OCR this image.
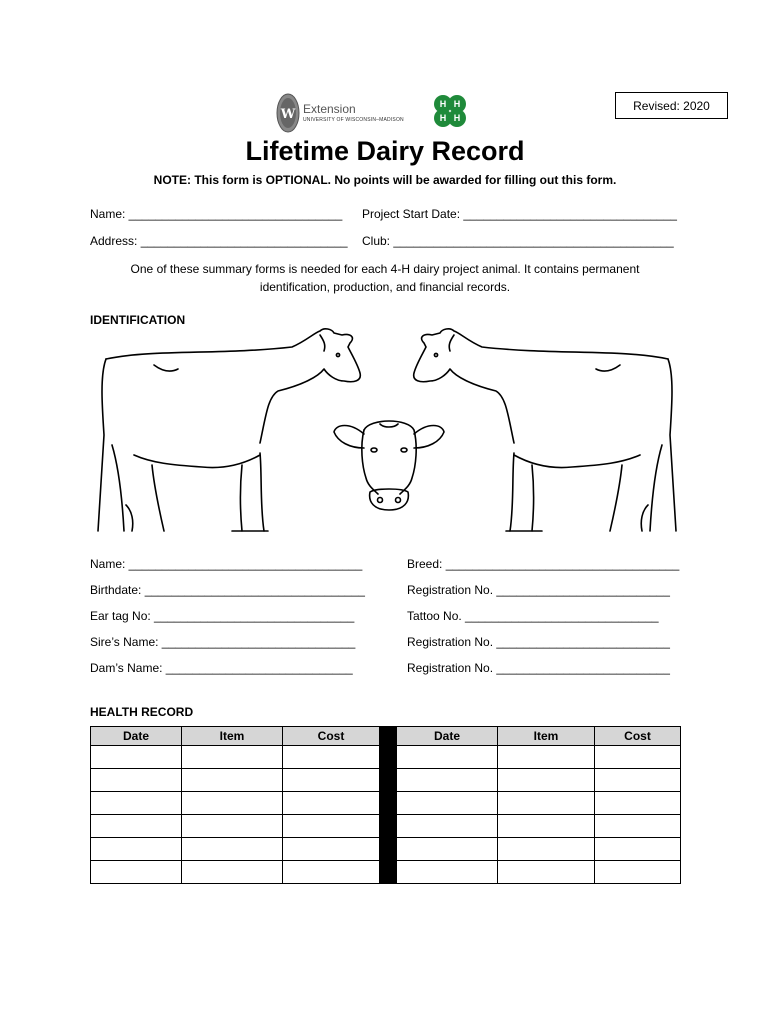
Revised: 2020
W Extension
UNIVERSITY OF WISCONSIN–MADISON
H H
H H
Lifetime Dairy Record
NOTE: This form is OPTIONAL. No points will be awarded for filling out this form.
Name: ________________________________ Project Start Date: ________________________________
Address: _______________________________ Club: __________________________________________
One of these summary forms is needed for each 4-H dairy project animal. It contains permanent identification, production, and financial records.
IDENTIFICATION
Name: ___________________________________	Breed: ___________________________________
Birthdate: _________________________________	Registration No. __________________________
Ear tag No: ______________________________	Tattoo No. _____________________________
Sire’s Name: _____________________________	Registration No. __________________________
Dam’s Name: ____________________________	Registration No. __________________________
HEALTH RECORD
Date	Item	Cost		Date	Item	Cost
